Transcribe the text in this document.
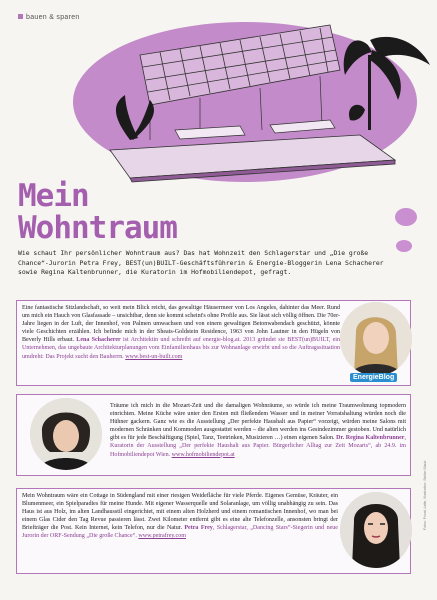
bauen & sparen
Mein
Wohntraum

Wie schaut Ihr persönlicher Wohntraum aus? Das hat Wohnzeit den Schlagerstar und „Die große Chance“-Jurorin Petra Frey, BEST(un)BUILT-Geschäftsführerin & Energie-Bloggerin Lena Schacherer sowie Regina Kaltenbrunner, die Kuratorin im Hofmobiliendepot, gefragt.

Eine fantastische Sitzlandschaft, so weit mein Blick reicht, das gewaltige Häusermeer von Los Angeles, dahinter das Meer. Rund um mich ein Hauch von Glasfassade – unsichtbar, denn sie kommt scheint's ohne Profile aus. Sie lässt sich völlig öffnen. Die 70er-Jahre liegen in der Luft, der Innenhof, von Palmen umwachsen und von einem gewaltigen Betonwabendach geschützt, könnte viele Geschichten erzählen. Ich befinde mich in der Sheats-Goldstein Residence, 1963 von John Lautner in den Hügeln von Beverly Hills erbaut. Lena Schacherer ist Architektin und schreibt auf energie-blog.at. 2013 gründet sie BEST(un)BUILT, ein Unternehmen, das ungebaute Architekturplanungen vom Einfamilienhaus bis zur Wohnanlage erwirbt und so die Auftragssituation umdreht: Das Projekt sucht den Bauherrn. www.best-un-built.com
EnergieBlog
Träume ich mich in die Mozart-Zeit und die damaligen Wohnräume, so würde ich meine Traumwohnung topmodern einrichten. Meine Küche wäre unter den Ersten mit fließendem Wasser und in meiner Vorratshaltung würden noch die Hühner gackern. Ganz wie es die Ausstellung „Der perfekte Haushalt aus Papier“ vorzeigt, würden meine Salons mit modernen Schränken und Kommoden ausgestattet werden – die alten werden ins Gesindezimmer gestoben. Und natürlich gibt es für jede Beschäftigung (Spiel, Tanz, Teetrinken, Musizieren …) einen eigenen Salon. Dr. Regina Kaltenbrunner, Kuratorin der Ausstellung „Der perfekte Haushalt aus Papier. Bürgerlicher Alltag zur Zeit Mozarts“, ab 24.9. im Hofmobiliendepot Wien. www.hofmobiliendepot.at
Mein Wohntraum wäre ein Cottage in Südengland mit einer riesigen Weidefläche für viele Pferde. Eigenes Gemüse, Kräuter, ein Blumenmeer, ein Spielparadies für meine Hunde. Mit eigener Wasserquelle und Solaranlage, um völlig unabhängig zu sein. Das Haus ist aus Holz, im alten Landhausstil eingerichtet, mit einem alten Holzherd und einem romantischen Innenhof, wo man bei einem Glas Cider den Tag Revue passieren lässt. Zwei Kilometer entfernt gibt es eine alte Telefonzelle, ansonsten bringt der Briefträger die Post. Kein Internet, kein Telefon, nur die Natur. Petra Frey, Schlagerstar, „Dancing Stars“-Siegerin und neue Jurorin der ORF-Sendung „Die große Chance“. www.petrafrey.com
Fotos: Privat; Latte, Illustration: Stefan Staub
